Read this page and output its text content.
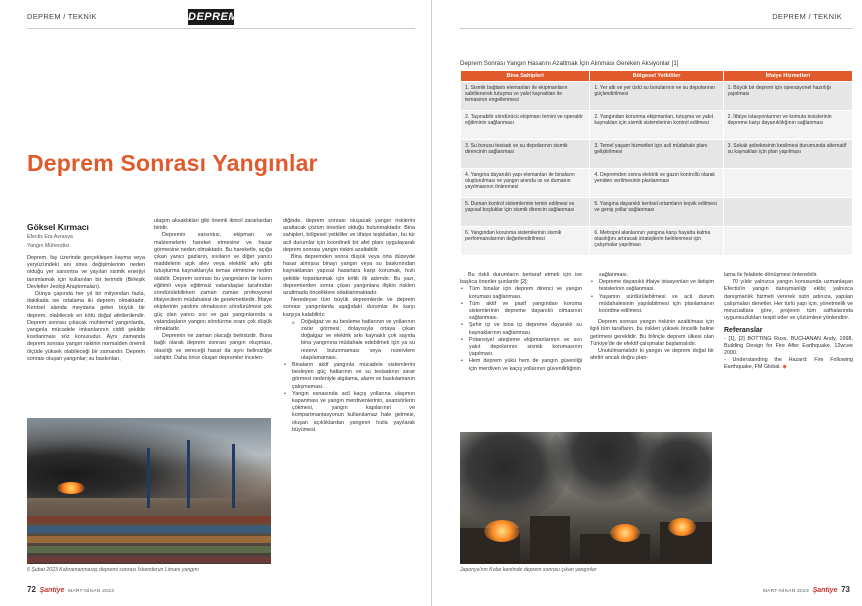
DEPREM / TEKNİK	DEPREM
Deprem Sonrası Yangınlar
Göksel Kırmacı
Efectis Era Avrasya
Yangın Mühendisi

Deprem, fay üzerinde gerçekleşen kayma veya yeryüzündeki ani stres değişimlerinin neden olduğu yer sarsıntısı ve yayılan sismik enerjiyi tanımlamak için kullanılan bir terimdir (Birleşik Devletler Jeoloji Araştırmaları).

Dünya çapında her yıl bir milyondan fazla, dakikada ise ortalama iki deprem olmaktadır. Kentsel alanda meydana gelen büyük bir deprem, olabilecek en kötü doğal afetlerdendir. Deprem sonrası çıkacak muhtemel yangınlarda, yangınla mücadele imkanlarının ciddi şekilde kısıtlanması söz konusudur. Aynı zamanda deprem sonrası yangın riskinin normalden önemli ölçüde yüksek olabileceği bir zamandır. Deprem sonrası oluşan yangınlar; su baskınları,

ulaşım aksaklıkları gibi önemli ikincil zararlardan biridir.

Depremin sarsıntısı, ekipman ve malzemelerin hareket etmesine ve hasar görmesine neden olmaktadır. Bu hareketle, açığa çıkan yanıcı gazların, sıvıların ve diğer yanıcı maddelerin açık alev veya elektrik arkı gibi tutuşturma kaynaklarıyla temas etmesine neden olabilir. Deprem sonrası bu yangınların bir kısmı eğitimli veya eğitimsiz vatandaşlar tarafından söndürülebilirken zaman zaman profesyonel itfaiyecilerin müdahalesi de gerekmektedir. İtfaiye ekiplerinin yardımı olmaksızın söndürülmesi çok güç olan yanıcı sıvı ve gaz yangınlarında a vatandaşların yangını söndürme oranı çok düşük olmaktadır.

Depremin ne zaman olacağı belirsizdir. Buna bağlı olarak deprem sonrası yangın oluşması, olasılığı ve vereceği hasar da aynı belirsizliğe sahiptir. Daha önce oluşan depremler incelen-

diğinde, deprem sonrası oluşacak yangın risklerini azaltacak çözüm önerileri olduğu bulunmaktadır. Bina sahipleri, bölgesel yetkililer ve itfaiye teşkilatları, bu tür acil durumlar için koordineli bir afet planı uygulayarak deprem sonrası yangın riskini azaltabilir.

Bina depremden sonra düşük veya orta düzeyde hasar almışsa binayı yangın veya su baskınından kaynaklanan yapısal hasarlara karşı korumak, hızlı şekilde toparlanmak için kritik ilk adımdır. Bu yazı, depremlerden sonra çıkan yangınlara ilişkin riskleri azaltmada önceliklere odaklanmaktadır.

Neredeyse tüm büyük depremlerde ve deprem sonrası yangınlarda aşağıdaki durumlar ile karşı karşıya kalabiliriz:

o Doğalgaz ve su besleme hatlarının ve yollarının zarar görmesi; dolayısıyla ortaya çıkan doğalgaz ve elektrik arkı kaynaklı çok sayıda bina yangınına müdahale edebilmek için ya su rezervi bulunmaması veya rezervlere ulaşılamaması.
• Binaların aktif yangınla mücadele sistemlerini besleyen güç hatlarının ve su tesisatının zarar görmesi nedeniyle algılama, alarm ve baskılamanın çalışmaması.
• Yangın esnasında acil kaçış yollarına ulaşımın kapanması ve yangın merdivenlerinin, asansörlerin çökmesi, yangın kapılarının ve kompartmantasyonun kullanılamaz hale gelmesi, oluşan açıklıklardan yangının hızla yayılarak büyümesi.
6 Şubat 2023 Kahramanmaraş depremi sonrası İskenderun Limanı yangını
72 Şantiye MART-NİSAN 2023
DEPREM / TEKNİK
Deprem Sonrası Yangın Hasarını Azaltmak İçin Alınması Gereken Aksiyonlar [1]
Bina Sahipleri	Bölgesel Yetkililer	İtfaiye Hizmetleri
1. Sismik bağlantı elemanları ile ekipmanların sabitlenerek tutuşma ve yakıt kaynakları ile temasının engellenmesi	1. Yer altı ve yer üstü su borularının ve su depolarının güçlendirilmesi	1. Büyük bir deprem için operasyonel hazırlığı yapılması
2. Taşınabilir söndürücü ekipmanı temini ve operatör eğitiminin sağlanması	2. Yangından korunma ekipmanları, tutuşma ve yakıt kaynakları için sismik sistemlerinin kontrol edilmesi	2. İtfaiye istasyonlarının ve komuta tesislerinin depreme karşı dayanıklılığının sağlanması
3. Su borusu tesisatı ve su depolarının sismik direncinin sağlanması	3. Temel yaşam hizmetleri için acil müdahale planı geliştirilmesi	3. Sokak şebekesinin kesilmesi durumunda alternatif su kaynakları için plan yapılması
4. Yangına dayanıklı yapı elemanları ile binaların oluşturulması ve yangın anında ısı ve dumanın yayılmasının önlenmesi	4. Depremden sonra elektrik ve gazın kontrollü olarak yeniden verilmesinin planlanması	
5. Duman kontrol sistemlerinin temin edilmesi ve yapısal boşluklar için sismik direncin sağlanması	5. Yangına dayanıklı kentsel ortamların teşvik edilmesi ve geniş yollar sağlanması	
6. Yangından korunma sistemlerinin sismik performanslarının değerlendirilmesi	6. Metropol alanlarının yangına karşı hayatta kalma olasılığını artıracak stratejilerin belirlenmesi için çalışmalar yapılması	

Bu riskli durumların bertaraf etmek için ise başlıca öneriler şunlardır [2]:

• Tüm binalar için deprem direnci ve yangın koruması sağlanması.
• Tüm aktif ve pasif yangından koruma sistemlerinin depreme dayanıklı olmasının sağlanması.
• Şehir içi ve bina içi depreme dayanıklı su kaynaklarının sağlanması.
• Potansiyel ateşleme ekipmanlarının ve sıvı yakıt depolarının sismik korumasının yapılması.
• Hem deprem yükü hem de yangın güvenliği için merdiven ve kaçış yollarının güvenilirliğinin

sağlanması.

• Depreme dayanıklı itfaiye istasyonları ve iletişim tesislerinin sağlanması.
• Yaşamın sürdürülebilmesi ve acil durum müdahalesinin yapılabilmesi için planlamanın koordine edilmesi.

Deprem sonrası yangın riskinin azaltılması için ilgili tüm tarafların, bu riskleri yüksek öncelik haline getirmesi gereklidir. Bu bilinçle deprem ülkesi olan Türkiye'de de efektif çalışmalar başlamalıdır.

Unutulmamalıdır ki yangın ve deprem doğal bir afettir ancak doğru plan-

lama ile felakete dönüşmesi önlenebilir.

70 yıldır yalnızca yangın konusunda uzmanlaşan Efectis'in yangın danışmanlığı ekibi; yalnızca danışmanlık hizmeti vererek sizin adınıza, yapılan çalışmaları denetler. Her türlü yapı için; yönetmelik ve mevzuatlara göre, projenin tüm safhalarında uygunsuzlukları tespit eder ve çözümlere yönlendirir.

Referanslar

- [1], [2] BOTTING Russ, BUCHANAN Andy, 1998, Building Design for Fire After Earthquake, 12wcee 2000.

- Understanding the Hazard: Fire Following Earthquake, FM Global. ◆

Japonya'nın Kobe kentinde deprem sonrası çıkan yangınlar
MART-NİSAN 2023 Şantiye 73
